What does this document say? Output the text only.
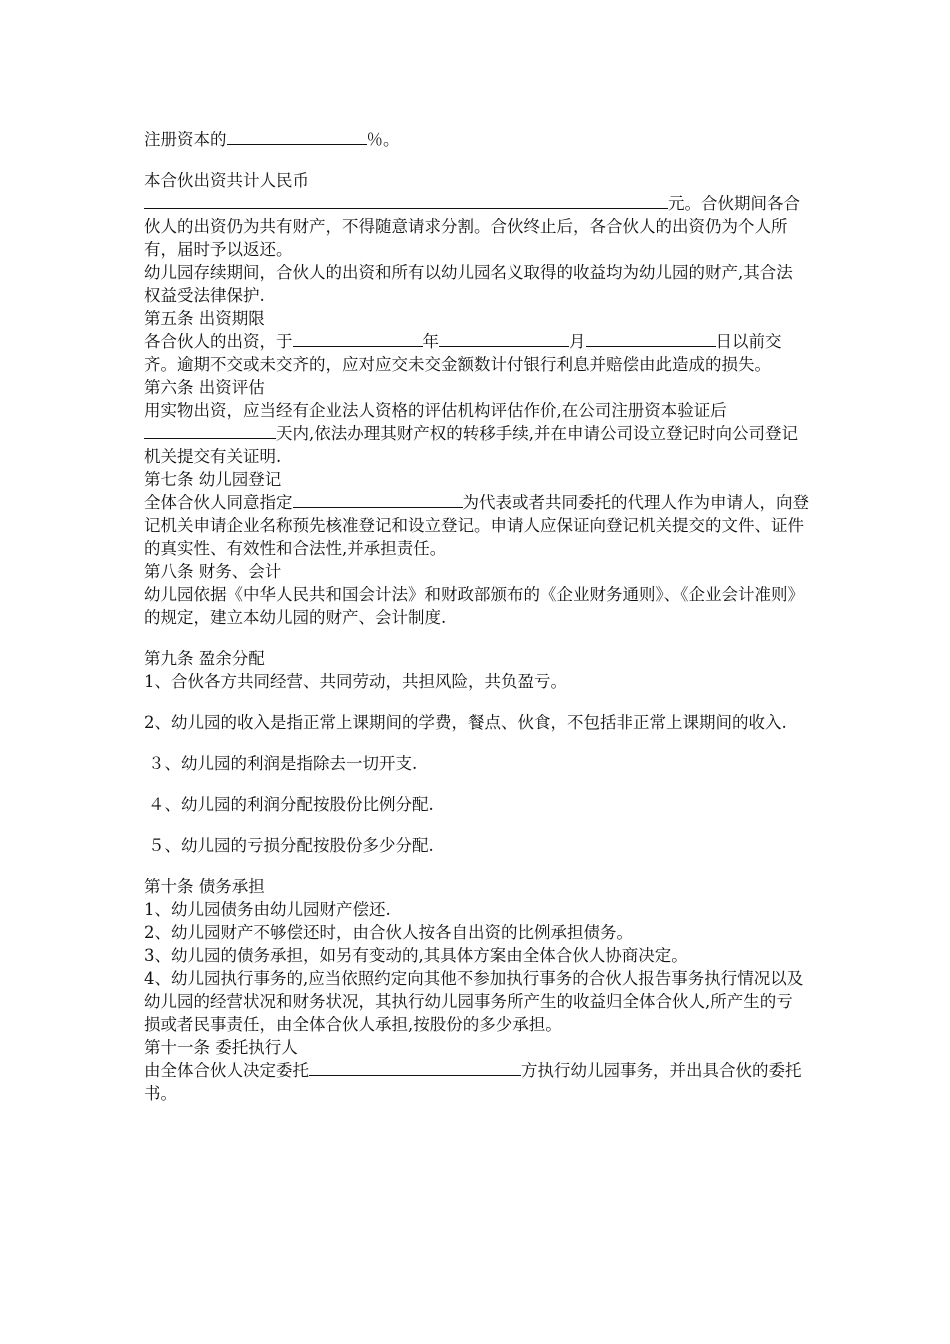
注册资本的	％。

本合伙出资共计人民币元。合伙期间各合伙人的出资仍为共有财产，不得随意请求分割。合伙终止后，各合伙人的出资仍为个人所有，届时予以返还。

幼儿园存续期间，合伙人的出资和所有以幼儿园名义取得的收益均为幼儿园的财产,其合法权益受法律保护.

第五条 出资期限

各合伙人的出资，于	年	月	日以前交齐。逾期不交或未交齐的，应对应交未交金额数计付银行利息并赔偿由此造成的损失。

第六条 出资评估

用实物出资，应当经有企业法人资格的评估机构评估作价,在公司注册资本验证后天内,依法办理其财产权的转移手续,并在申请公司设立登记时向公司登记机关提交有关证明.

第七条 幼儿园登记

全体合伙人同意指定	为代表或者共同委托的代理人作为申请人，向登记机关申请企业名称预先核准登记和设立登记。申请人应保证向登记机关提交的文件、证件的真实性、有效性和合法性,并承担责任。

第八条 财务、会计

幼儿园依据《中华人民共和国会计法》和财政部颁布的《企业财务通则》、《企业会计准则》的规定，建立本幼儿园的财产、会计制度.

第九条 盈余分配

1、合伙各方共同经营、共同劳动，共担风险，共负盈亏。

2、幼儿园的收入是指正常上课期间的学费，餐点、伙食，不包括非正常上课期间的收入.

３、幼儿园的利润是指除去一切开支.

４、幼儿园的利润分配按股份比例分配.

５、幼儿园的亏损分配按股份多少分配.

第十条 债务承担

1、幼儿园债务由幼儿园财产偿还.

2、幼儿园财产不够偿还时，由合伙人按各自出资的比例承担债务。

3、幼儿园的债务承担，如另有变动的,其具体方案由全体合伙人协商决定。

4、幼儿园执行事务的,应当依照约定向其他不参加执行事务的合伙人报告事务执行情况以及幼儿园的经营状况和财务状况，其执行幼儿园事务所产生的收益归全体合伙人,所产生的亏损或者民事责任，由全体合伙人承担,按股份的多少承担。

第十一条 委托执行人

由全体合伙人决定委托	方执行幼儿园事务，并出具合伙的委托书。
